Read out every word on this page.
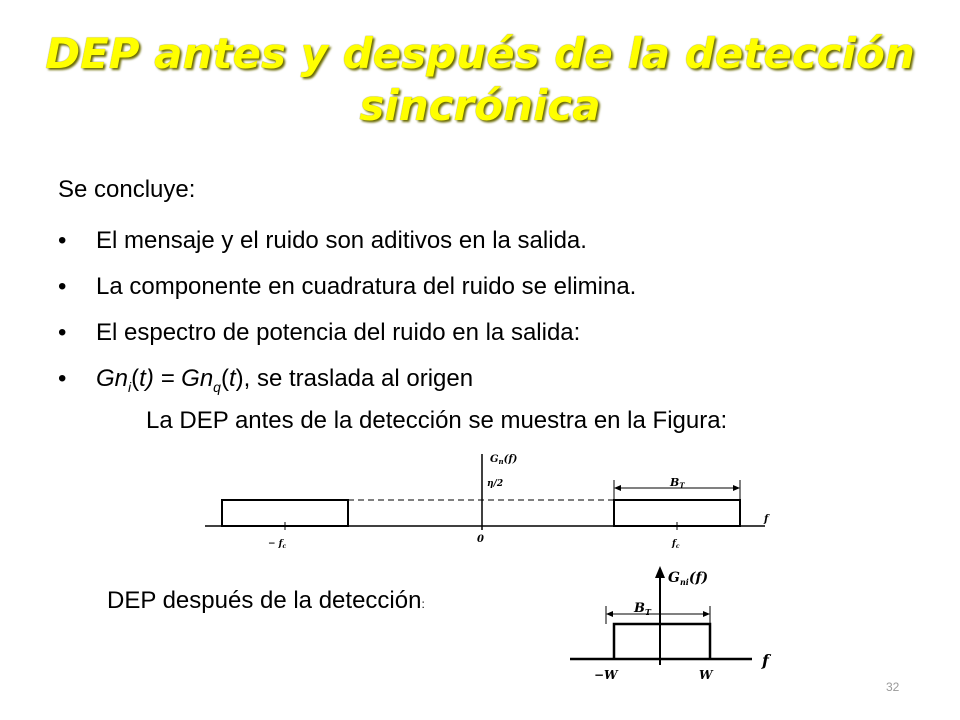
DEP antes y después de la detección
sincrónica
Se concluye:
• El mensaje y el ruido son aditivos en la salida.
• La componente en cuadratura del ruido se elimina.
• El espectro de potencia del ruido en la salida:
• $Gn_i(t) = Gn_q(t)$, se traslada al origen
La DEP antes de la detección se muestra en la Figura:
$G_n(f)$
η/2	BT
f
− $f_c$
0	$f_c$
DEP después de la detección:
$G_{ni}(f)$
$B_T$
f
−W	W
32
